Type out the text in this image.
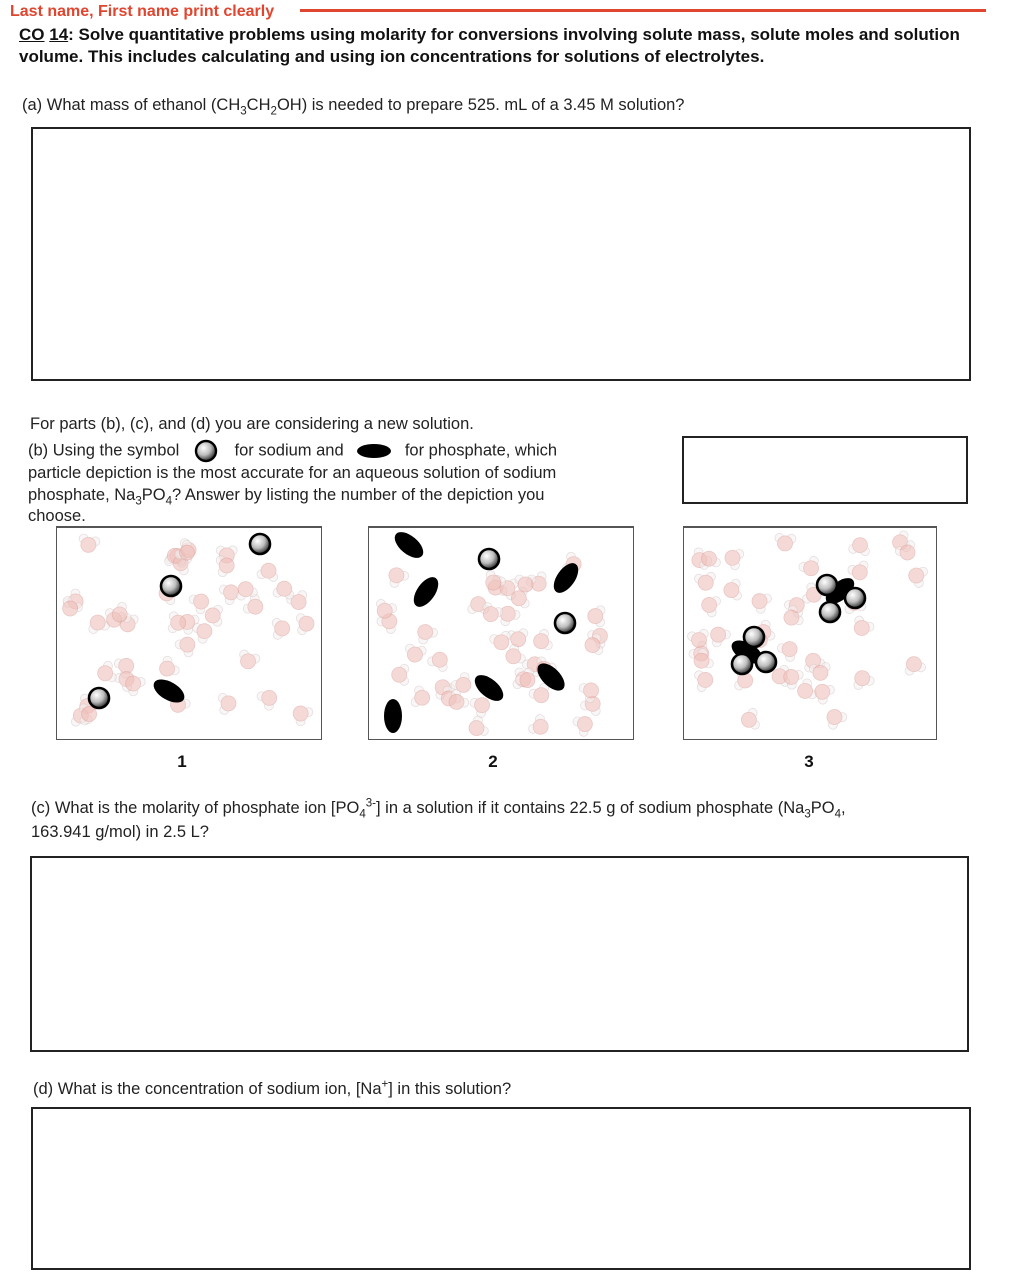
Last name, First name print clearly
CO 14: Solve quantitative problems using molarity for conversions involving solute mass, solute moles and solution volume. This includes calculating and using ion concentrations for solutions of electrolytes.
(a) What mass of ethanol $(CH_3CH_2OH)$ is needed to prepare 525. mL of a 3.45 M solution?
For parts (b), (c), and (d) you are considering a new solution.
(b) Using the symbol	for sodium and	for phosphate, which
particle depiction is the most accurate for an aqueous solution of sodium
phosphate, $Na_3PO_4$? Answer by listing the number of the depiction you
choose.
1	2	3
(c) What is the molarity of phosphate ion $[PO_4^{3-}]$ in a solution if it contains 22.5 g of sodium phosphate ($Na_3PO_4$,
163.941 g/mol) in 2.5 L?
(d) What is the concentration of sodium ion, [Na+] in this solution?
